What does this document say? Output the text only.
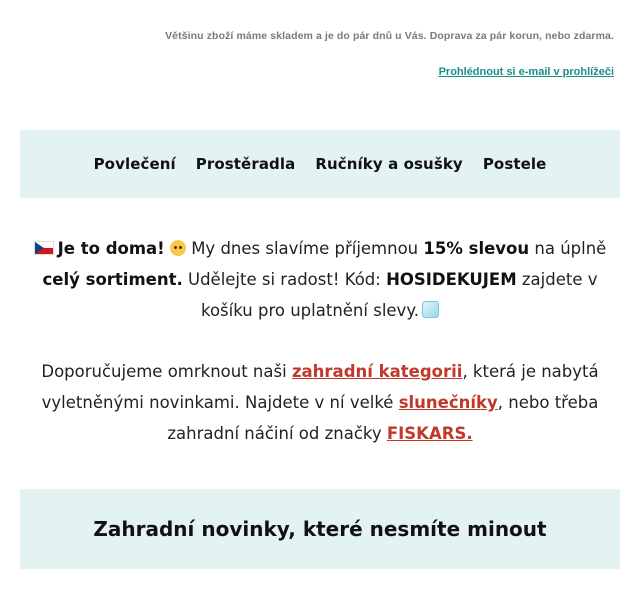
Většinu zboží máme skladem a je do pár dnů u Vás. Doprava za pár korun, nebo zdarma.
Prohlédnout si e-mail v prohlížeči
Povlečení Prostěradla Ručníky a osušky Postele
Je to doma!  My dnes slavíme příjemnou 15% slevou na úplně celý sortiment. Udělejte si radost! Kód: HOSIDEKUJEM zajdete v košíku pro uplatnění slevy.
Doporučujeme omrknout naši zahradní kategorii, která je nabytá vyletněnými novinkami. Najdete v ní velké slunečníky, nebo třeba zahradní náčiní od značky FISKARS.
Zahradní novinky, které nesmíte minout
